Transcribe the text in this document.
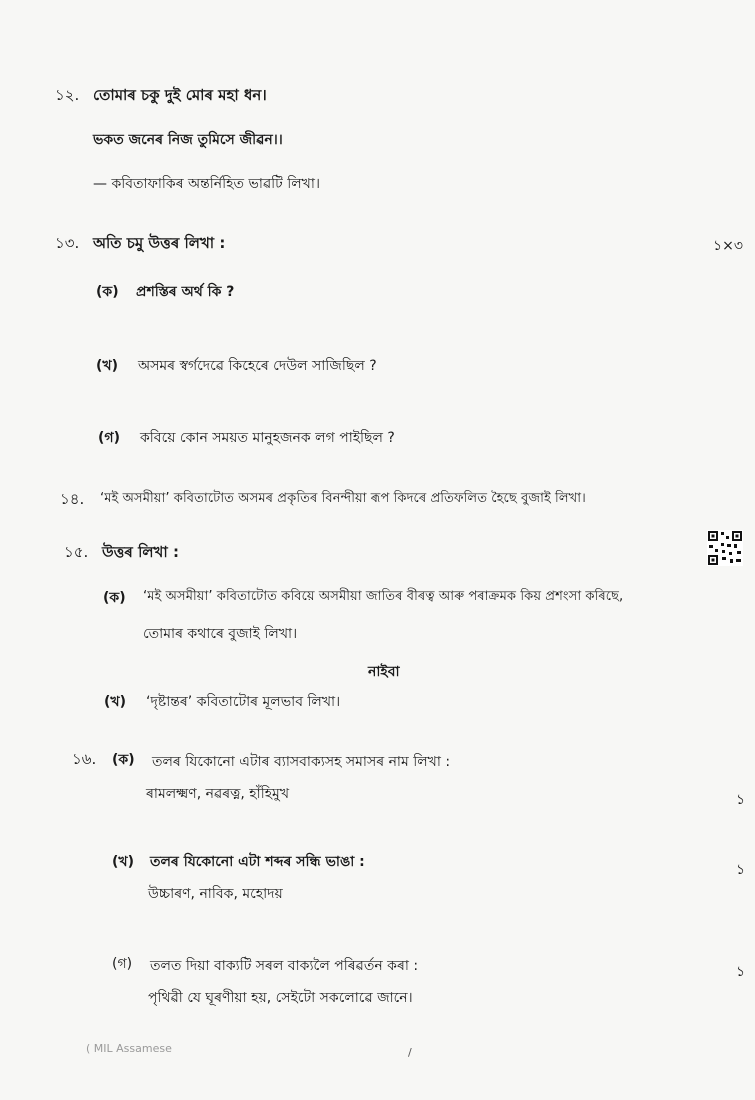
১২. তোমাৰ চকু দুই মোৰ মহা ধন।
ভকত জনেৰ নিজ তুমিসে জীৱন।।
— কবিতাফাকিৰ অন্তৰ্নিহিত ভাৱটি লিখা।
১৩. অতি চমু উত্তৰ লিখা :	১×৩
(ক) প্ৰশস্তিৰ অৰ্থ কি ?
(খ) অসমৰ স্বৰ্গদেৱে কিহেৰে দেউল সাজিছিল ?
(গ) কবিয়ে কোন সময়ত মানুহজনক লগ পাইছিল ?
১৪. ‘মই অসমীয়া’ কবিতাটোত অসমৰ প্ৰকৃতিৰ বিনন্দীয়া ৰূপ কিদৰে প্ৰতিফলিত হৈছে বুজাই লিখা।
১৫. উত্তৰ লিখা :
(ক) ‘মই অসমীয়া’ কবিতাটোত কবিয়ে অসমীয়া জাতিৰ বীৰত্ব আৰু পৰাক্ৰমক কিয় প্ৰশংসা কৰিছে,
তোমাৰ কথাৰে বুজাই লিখা।
নাইবা
(খ) ‘দৃষ্টান্তৰ’ কবিতাটোৰ মূলভাব লিখা।
১৬. (ক) তলৰ যিকোনো এটাৰ ব্যাসবাক্যসহ সমাসৰ নাম লিখা :
১
ৰামলক্ষ্মণ, নৱৰত্ন, হাঁহিমুখ
(খ) তলৰ যিকোনো এটা শব্দৰ সন্ধি ভাঙা :	১
উচ্চাৰণ, নাবিক, মহোদয়
(গ) তলত দিয়া বাক্যটি সৰল বাক্যলৈ পৰিৱৰ্তন কৰা :	১
পৃথিৱী যে ঘূৰণীয়া হয়, সেইটো সকলোৱে জানে।
( MIL Assamese	/
